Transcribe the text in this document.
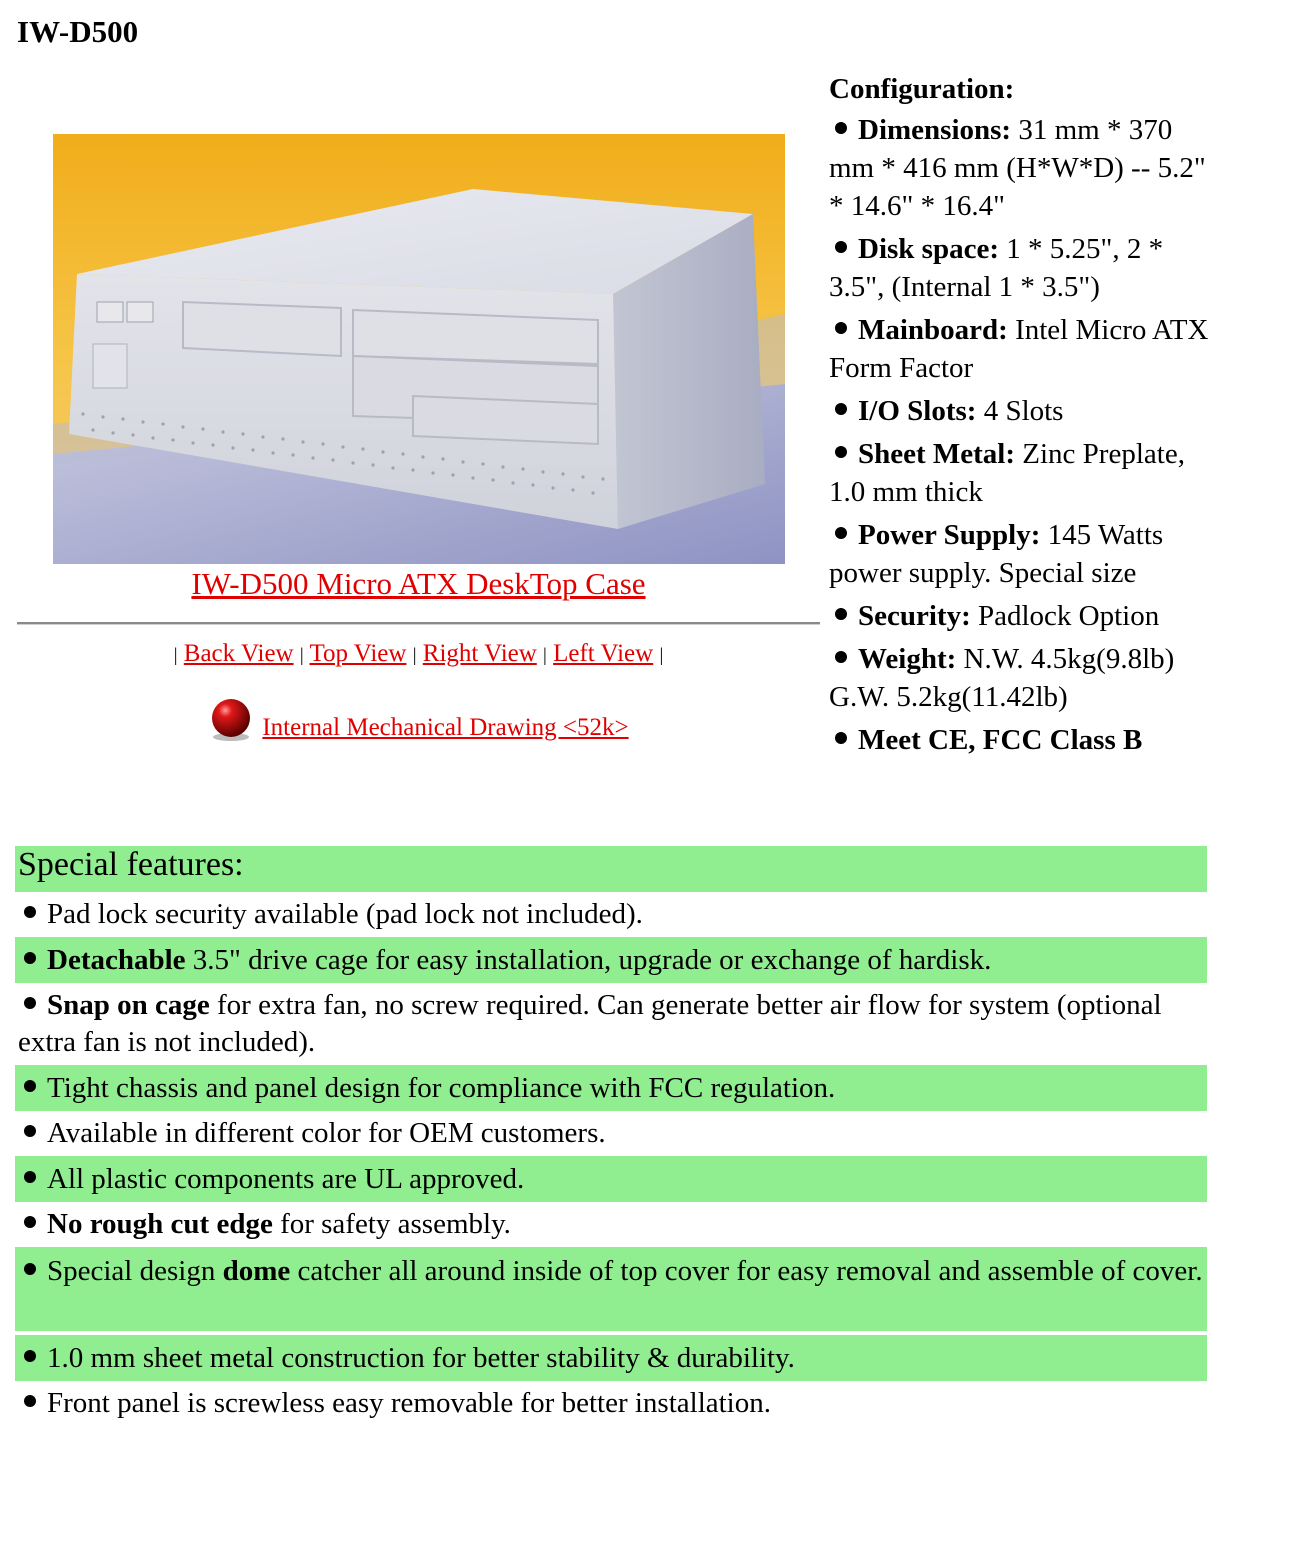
IW-D500
IW-D500 Micro ATX DeskTop Case
| Back View | Top View | Right View | Left View |
Internal Mechanical Drawing <52k>
Configuration:
Dimensions: 31 mm * 370 mm * 416 mm (H*W*D) -- 5.2" * 14.6" * 16.4"
Disk space: 1 * 5.25", 2 * 3.5", (Internal 1 * 3.5")
Mainboard: Intel Micro ATX Form Factor
I/O Slots: 4 Slots
Sheet Metal: Zinc Preplate, 1.0 mm thick
Power Supply: 145 Watts power supply. Special size
Security: Padlock Option
Weight: N.W. 4.5kg(9.8lb) G.W. 5.2kg(11.42lb)
Meet CE, FCC Class B
Special features:
Pad lock security available (pad lock not included).
Detachable 3.5" drive cage for easy installation, upgrade or exchange of hardisk.
Snap on cage for extra fan, no screw required. Can generate better air flow for system (optional extra fan is not included).
Tight chassis and panel design for compliance with FCC regulation.
Available in different color for OEM customers.
All plastic components are UL approved.
No rough cut edge for safety assembly.
Special design dome catcher all around inside of top cover for easy removal and assemble of cover.
1.0 mm sheet metal construction for better stability & durability.
Front panel is screwless easy removable for better installation.
